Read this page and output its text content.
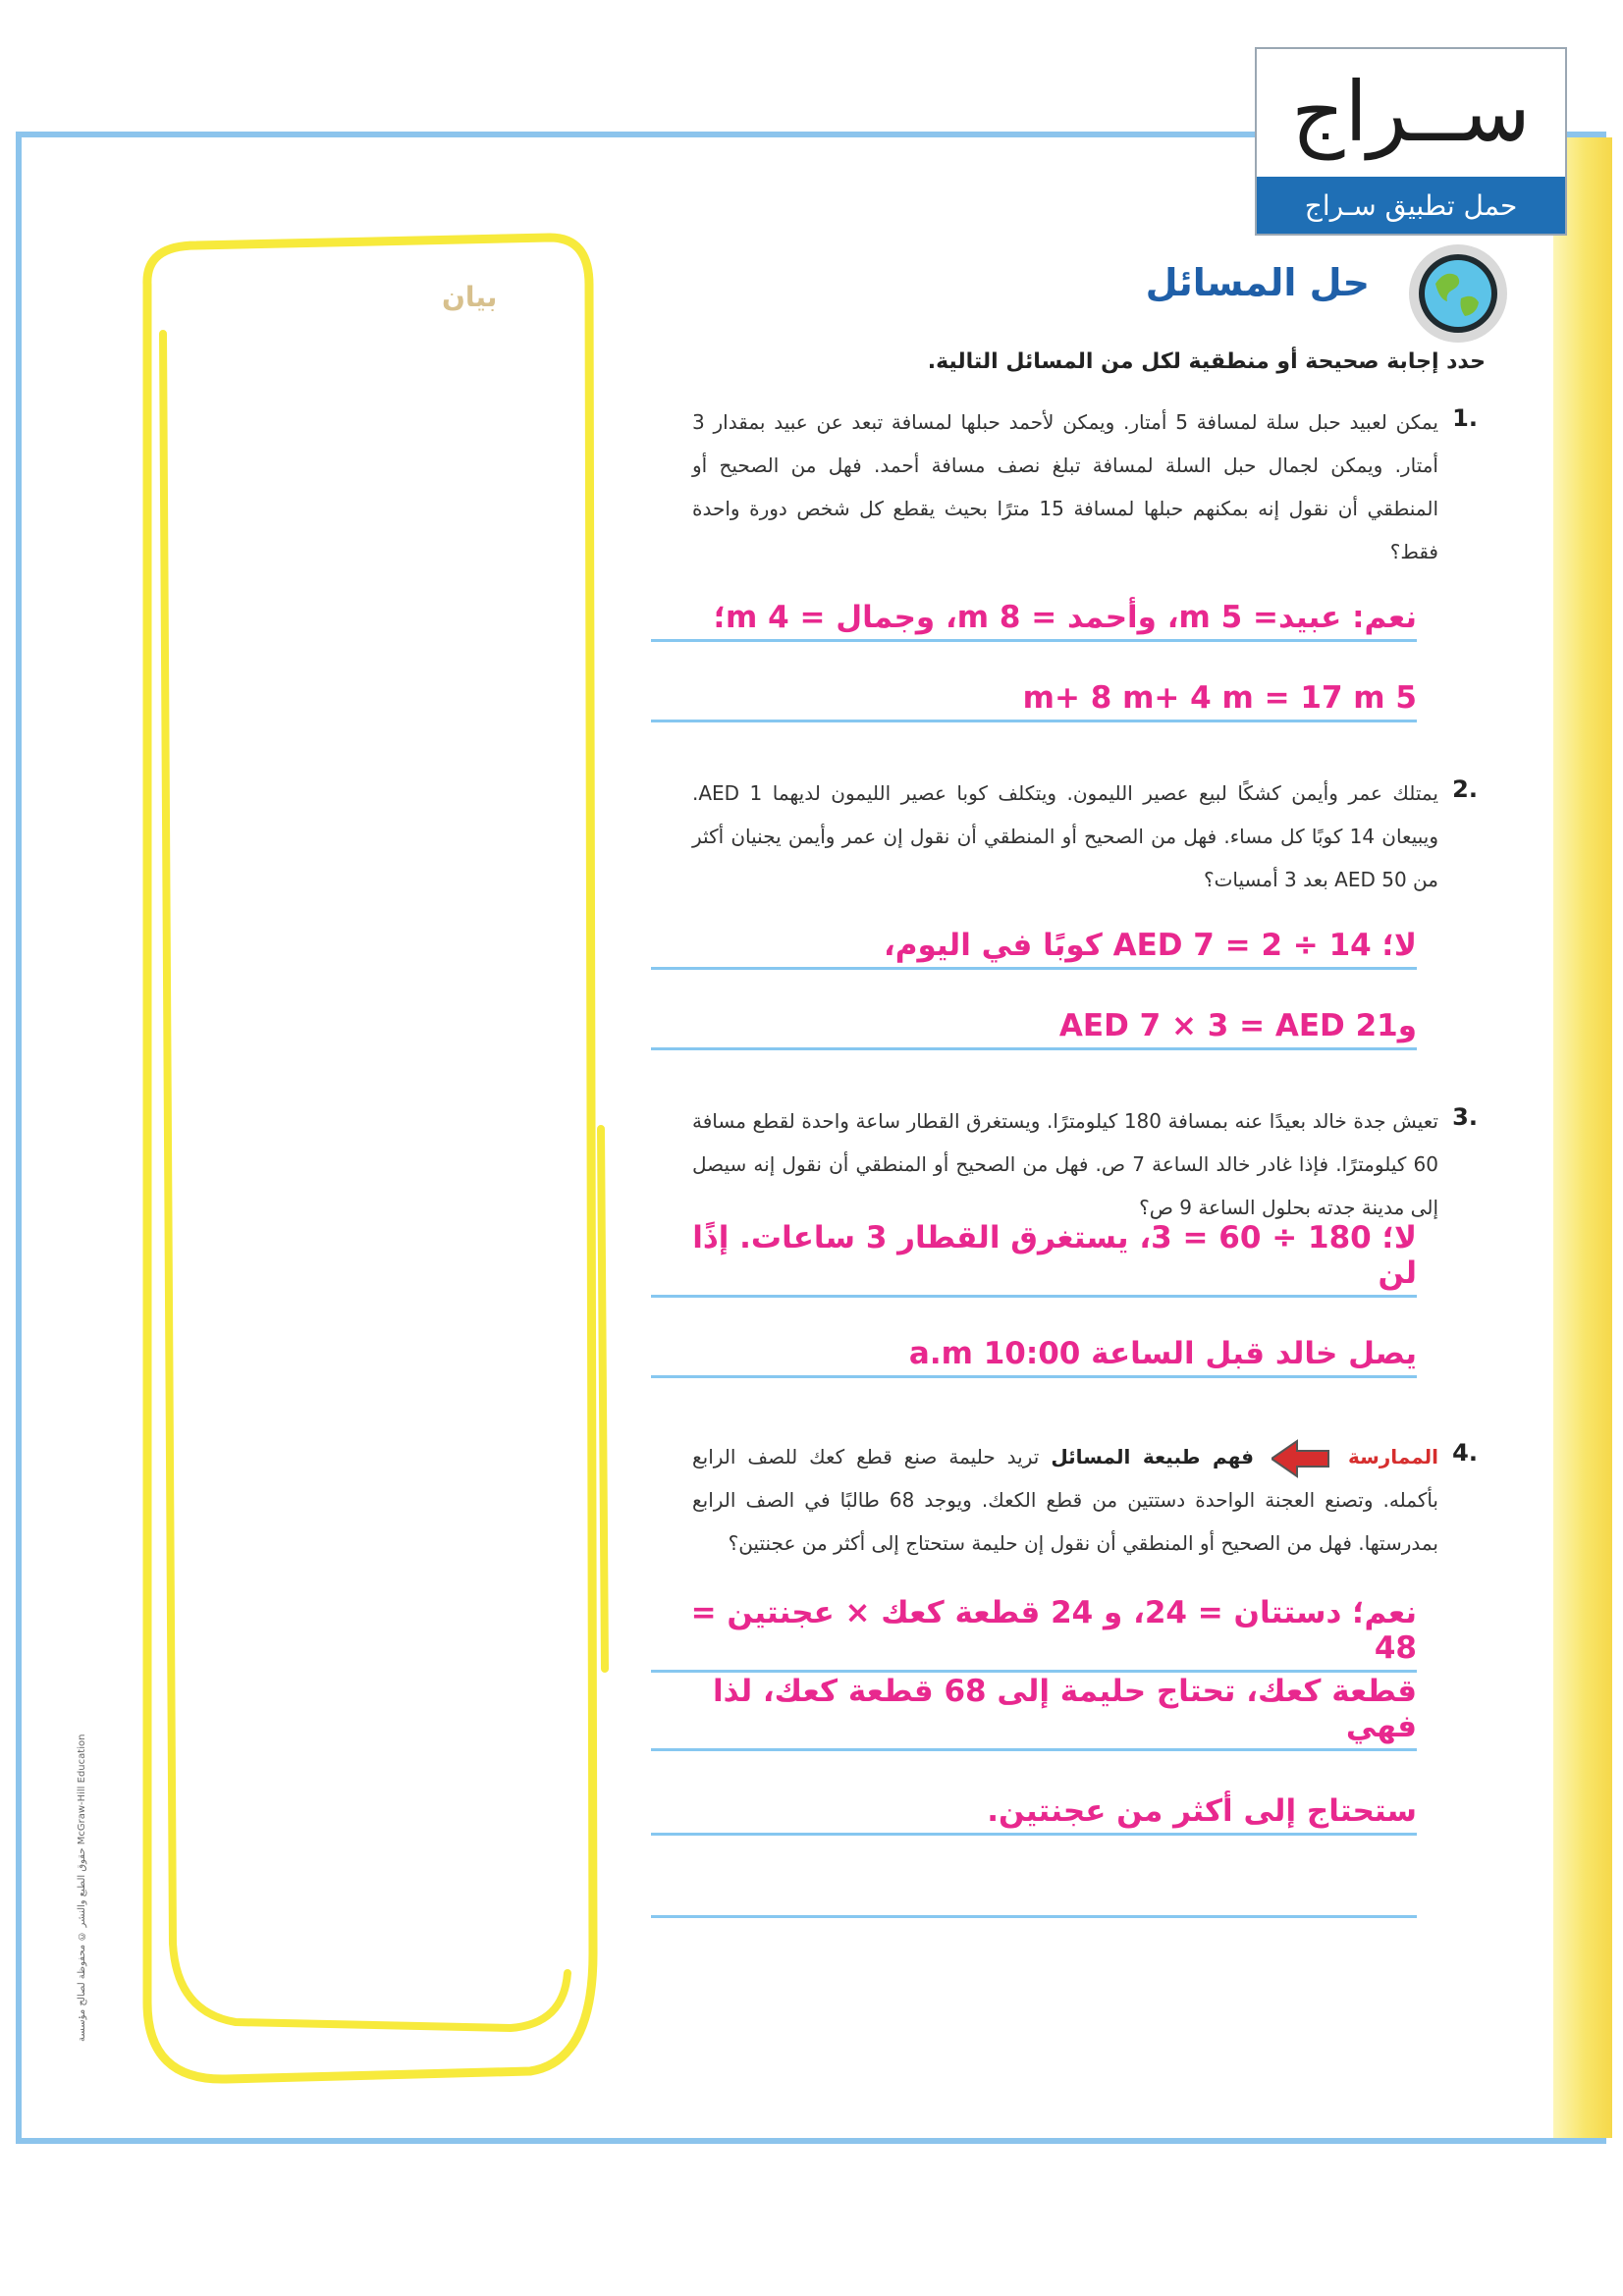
ســراج
حمل تطبيق سـراج
حل المسائل
بيان
حدد إجابة صحيحة أو منطقية لكل من المسائل التالية.
1.
يمكن لعبيد حبل سلة لمسافة 5 أمتار. ويمكن لأحمد حبلها لمسافة تبعد عن عبيد بمقدار 3 أمتار. ويمكن لجمال حبل السلة لمسافة تبلغ نصف مسافة أحمد. فهل من الصحيح أو المنطقي أن نقول إنه بمكنهم حبلها لمسافة 15 مترًا بحيث يقطع كل شخص دورة واحدة فقط؟
نعم: عبيد= 5 m، وأحمد = 8 m، وجمال = 4 m؛
5 m+ 8 m+ 4 m = 17 m
2.
يمتلك عمر وأيمن كشكًا لبيع عصير الليمون. ويتكلف كوبا عصير الليمون لديهما AED 1. ويبيعان 14 كوبًا كل مساء. فهل من الصحيح أو المنطقي أن نقول إن عمر وأيمن يجنيان أكثر من AED 50 بعد 3 أمسيات؟
لا؛ 14 ÷ 2 = AED 7 كوبًا في اليوم،
وAED 7 × 3 = AED 21
3.
تعيش جدة خالد بعيدًا عنه بمسافة 180 كيلومترًا. ويستغرق القطار ساعة واحدة لقطع مسافة 60 كيلومترًا. فإذا غادر خالد الساعة 7 ص. فهل من الصحيح أو المنطقي أن نقول إنه سيصل إلى مدينة جدته بحلول الساعة 9 ص؟
لا؛ 180 ÷ 60 = 3، يستغرق القطار 3 ساعات. إذًا لن
يصل خالد قبل الساعة 10:00 a.m
4.
الممارسة  فهم طبيعة المسائل تريد حليمة صنع قطع كعك للصف الرابع بأكمله. وتصنع العجنة الواحدة دستتين من قطع الكعك. ويوجد 68 طالبًا في الصف الرابع بمدرستها. فهل من الصحيح أو المنطقي أن نقول إن حليمة ستحتاج إلى أكثر من عجنتين؟
نعم؛ دستتان = 24، و 24 قطعة كعك × عجنتين = 48
قطعة كعك، تحتاج حليمة إلى 68 قطعة كعك، لذا فهي
ستحتاج إلى أكثر من عجنتين.
حقوق الطبع والنشر © محفوظة لصالح مؤسسة McGraw-Hill Education
